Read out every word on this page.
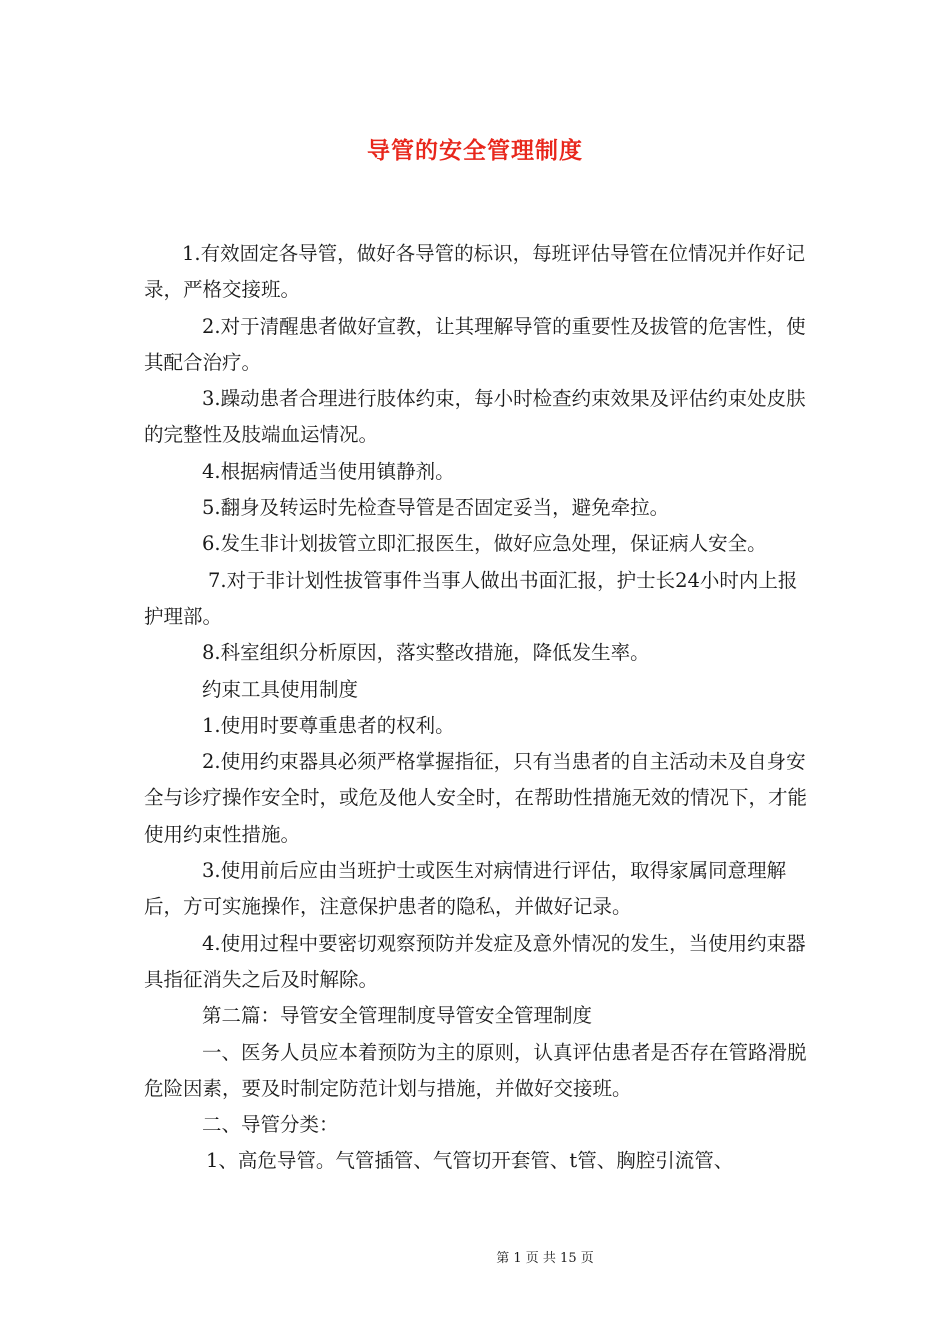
导管的安全管理制度

1.有效固定各导管，做好各导管的标识，每班评估导管在位情况并作好记录，严格交接班。

2.对于清醒患者做好宣教，让其理解导管的重要性及拔管的危害性，使其配合治疗。

3.躁动患者合理进行肢体约束，每小时检查约束效果及评估约束处皮肤的完整性及肢端血运情况。

4.根据病情适当使用镇静剂。

5.翻身及转运时先检查导管是否固定妥当，避免牵拉。

6.发生非计划拔管立即汇报医生，做好应急处理，保证病人安全。

7.对于非计划性拔管事件当事人做出书面汇报，护士长24小时内上报护理部。

8.科室组织分析原因，落实整改措施，降低发生率。

约束工具使用制度

1.使用时要尊重患者的权利。

2.使用约束器具必须严格掌握指征，只有当患者的自主活动未及自身安全与诊疗操作安全时，或危及他人安全时，在帮助性措施无效的情况下，才能使用约束性措施。

3.使用前后应由当班护士或医生对病情进行评估，取得家属同意理解后，方可实施操作，注意保护患者的隐私，并做好记录。

4.使用过程中要密切观察预防并发症及意外情况的发生，当使用约束器具指征消失之后及时解除。

第二篇：导管安全管理制度导管安全管理制度

一、医务人员应本着预防为主的原则，认真评估患者是否存在管路滑脱危险因素，要及时制定防范计划与措施，并做好交接班。

二、导管分类：

1、高危导管。气管插管、气管切开套管、t管、胸腔引流管、

第 1 页 共 15 页
